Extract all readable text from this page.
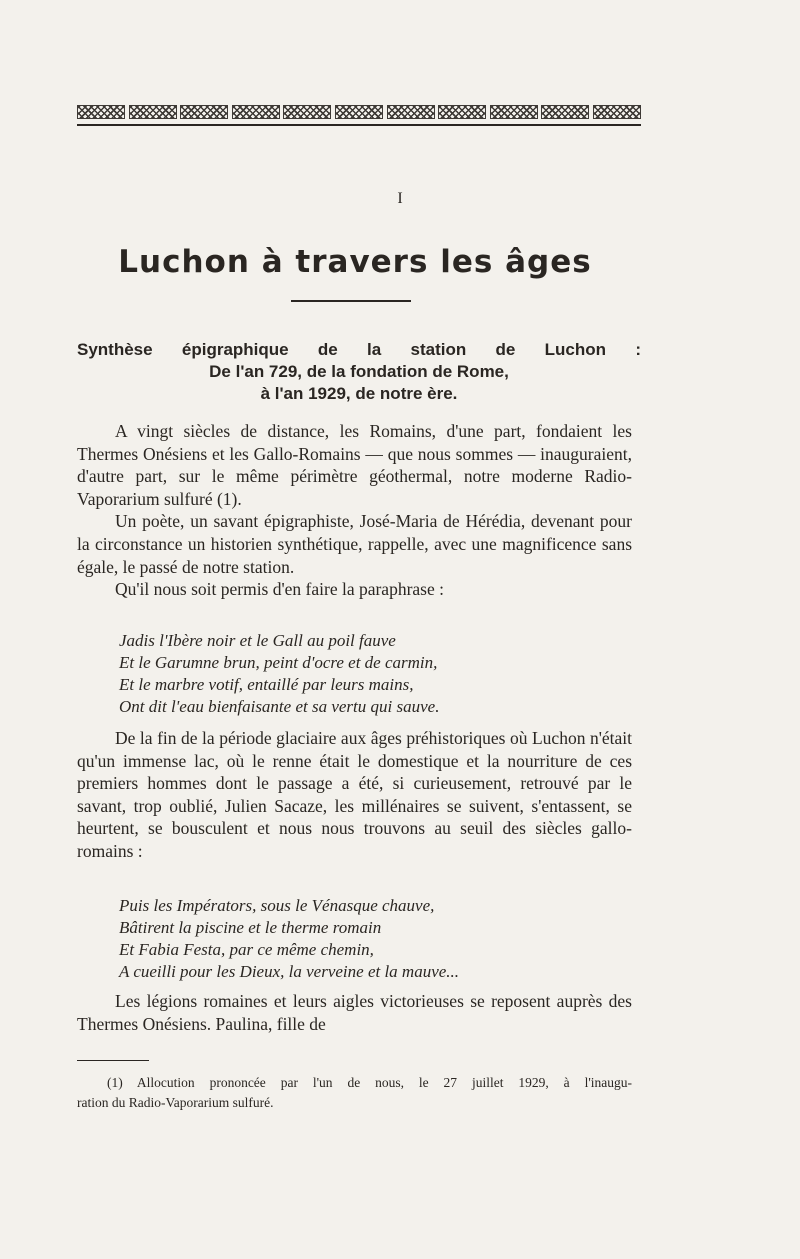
I
Luchon à travers les âges
Synthèse épigraphique de la station de Luchon :
De l'an 729, de la fondation de Rome,
à l'an 1929, de notre ère.

A vingt siècles de distance, les Romains, d'une part, fondaient les Thermes Onésiens et les Gallo-Romains — que nous sommes — inauguraient, d'autre part, sur le même périmètre géothermal, notre moderne Radio-Vaporarium sulfuré (1).

Un poète, un savant épigraphiste, José-Maria de Hérédia, devenant pour la circonstance un historien synthétique, rappelle, avec une magnificence sans égale, le passé de notre station.

Qu'il nous soit permis d'en faire la paraphrase :

Jadis l'Ibère noir et le Gall au poil fauve
Et le Garumne brun, peint d'ocre et de carmin,
Et le marbre votif, entaillé par leurs mains,
Ont dit l'eau bienfaisante et sa vertu qui sauve.

De la fin de la période glaciaire aux âges préhistoriques où Luchon n'était qu'un immense lac, où le renne était le domestique et la nourriture de ces premiers hommes dont le passage a été, si curieusement, retrouvé par le savant, trop oublié, Julien Sacaze, les millénaires se suivent, s'entassent, se heurtent, se bousculent et nous nous trouvons au seuil des siècles gallo-romains :

Puis les Impérators, sous le Vénasque chauve,
Bâtirent la piscine et le therme romain
Et Fabia Festa, par ce même chemin,
A cueilli pour les Dieux, la verveine et la mauve...

Les légions romaines et leurs aigles victorieuses se reposent auprès des Thermes Onésiens. Paulina, fille de

(1) Allocution prononcée par l'un de nous, le 27 juillet 1929, à l'inaugu-
ration du Radio-Vaporarium sulfuré.
